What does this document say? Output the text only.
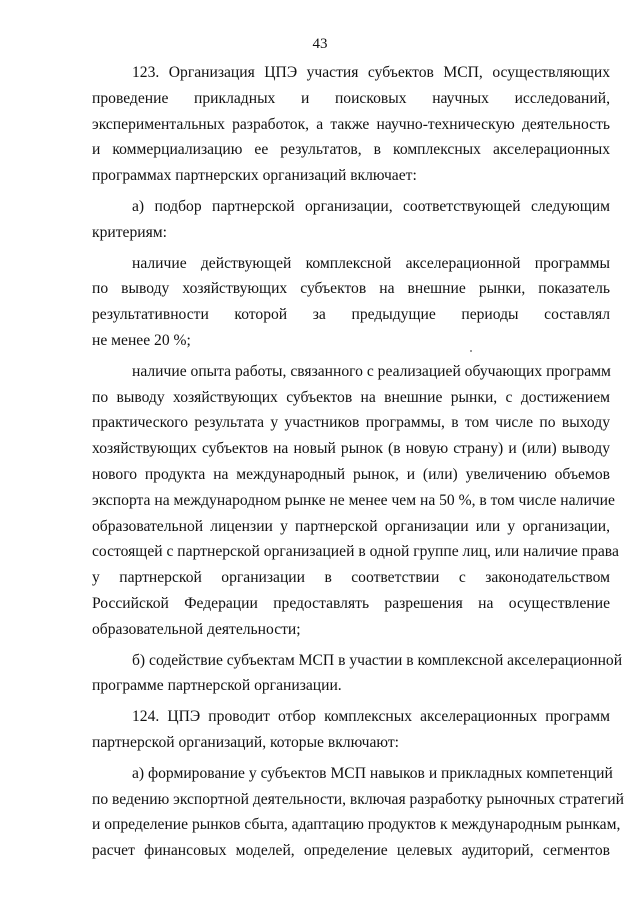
43
123. Организация ЦПЭ участия субъектов МСП, осуществляющих
проведение прикладных и поисковых научных исследований,
экспериментальных разработок, а также научно-техническую деятельность
и коммерциализацию ее результатов, в комплексных акселерационных
программах партнерских организаций включает:
а) подбор партнерской организации, соответствующей следующим
критериям:
наличие действующей комплексной акселерационной программы
по выводу хозяйствующих субъектов на внешние рынки, показатель
результативности которой за предыдущие периоды составлял
не менее 20 %;
наличие опыта работы, связанного с реализацией обучающих программ
по выводу хозяйствующих субъектов на внешние рынки, с достижением
практического результата у участников программы, в том числе по выходу
хозяйствующих субъектов на новый рынок (в новую страну) и (или) выводу
нового продукта на международный рынок, и (или) увеличению объемов
экспорта на международном рынке не менее чем на 50 %, в том числе наличие
образовательной лицензии у партнерской организации или у организации,
состоящей с партнерской организацией в одной группе лиц, или наличие права
у партнерской организации в соответствии с законодательством
Российской Федерации предоставлять разрешения на осуществление
образовательной деятельности;
б) содействие субъектам МСП в участии в комплексной акселерационной
программе партнерской организации.
124. ЦПЭ проводит отбор комплексных акселерационных программ
партнерской организаций, которые включают:
а) формирование у субъектов МСП навыков и прикладных компетенций
по ведению экспортной деятельности, включая разработку рыночных стратегий
и определение рынков сбыта, адаптацию продуктов к международным рынкам,
расчет финансовых моделей, определение целевых аудиторий, сегментов
